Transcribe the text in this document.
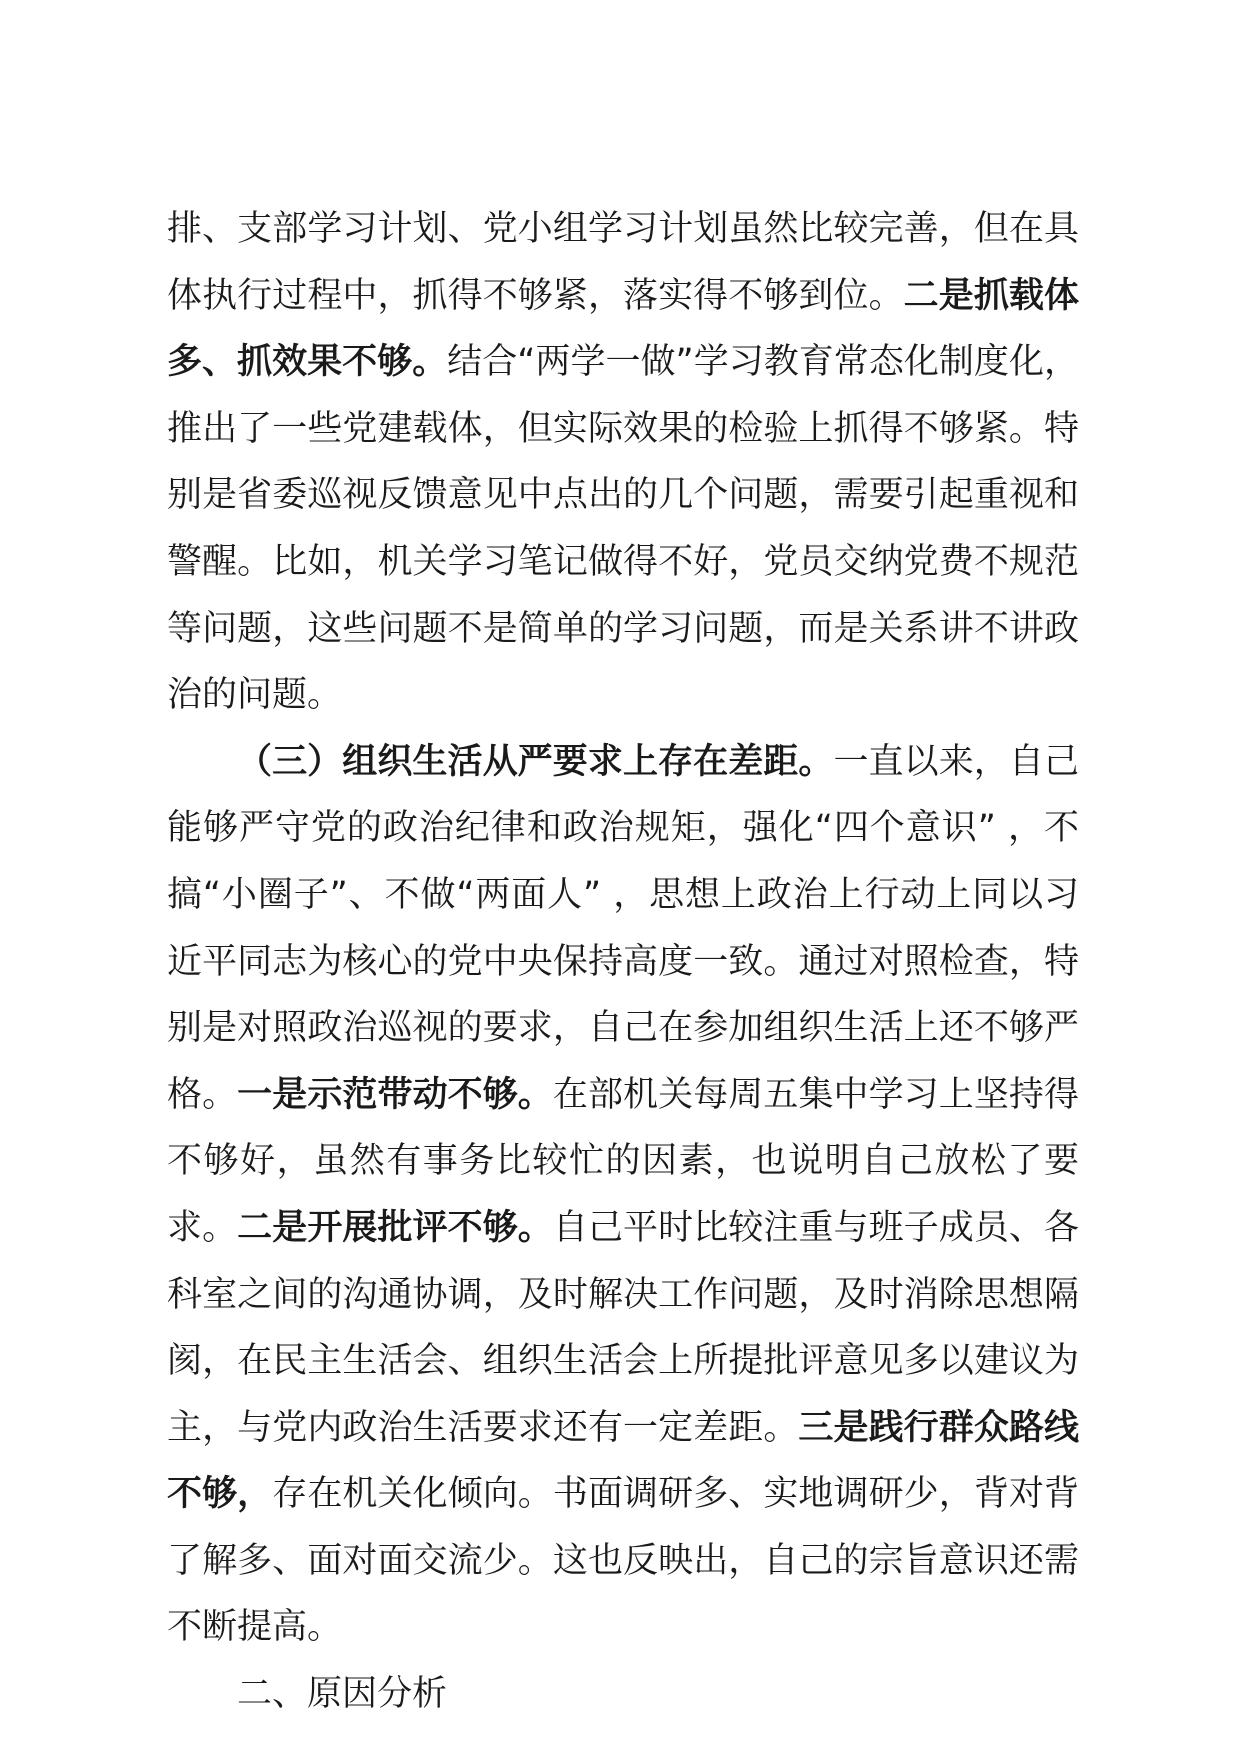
排、支部学习计划、党小组学习计划虽然比较完善，但在具体执行过程中，抓得不够紧，落实得不够到位。二是抓载体多、抓效果不够。结合“两学一做”学习教育常态化制度化，推出了一些党建载体，但实际效果的检验上抓得不够紧。特别是省委巡视反馈意见中点出的几个问题，需要引起重视和警醒。比如，机关学习笔记做得不好，党员交纳党费不规范等问题，这些问题不是简单的学习问题，而是关系讲不讲政治的问题。

（三）组织生活从严要求上存在差距。一直以来，自己能够严守党的政治纪律和政治规矩，强化“四个意识” ，不搞“小圈子”、不做“两面人” ，思想上政治上行动上同以习近平同志为核心的党中央保持高度一致。通过对照检查，特别是对照政治巡视的要求，自己在参加组织生活上还不够严格。一是示范带动不够。在部机关每周五集中学习上坚持得不够好，虽然有事务比较忙的因素，也说明自己放松了要求。二是开展批评不够。自己平时比较注重与班子成员、各科室之间的沟通协调，及时解决工作问题，及时消除思想隔阂，在民主生活会、组织生活会上所提批评意见多以建议为主，与党内政治生活要求还有一定差距。三是践行群众路线不够，存在机关化倾向。书面调研多、实地调研少，背对背了解多、面对面交流少。这也反映出，自己的宗旨意识还需不断提高。

二、原因分析
